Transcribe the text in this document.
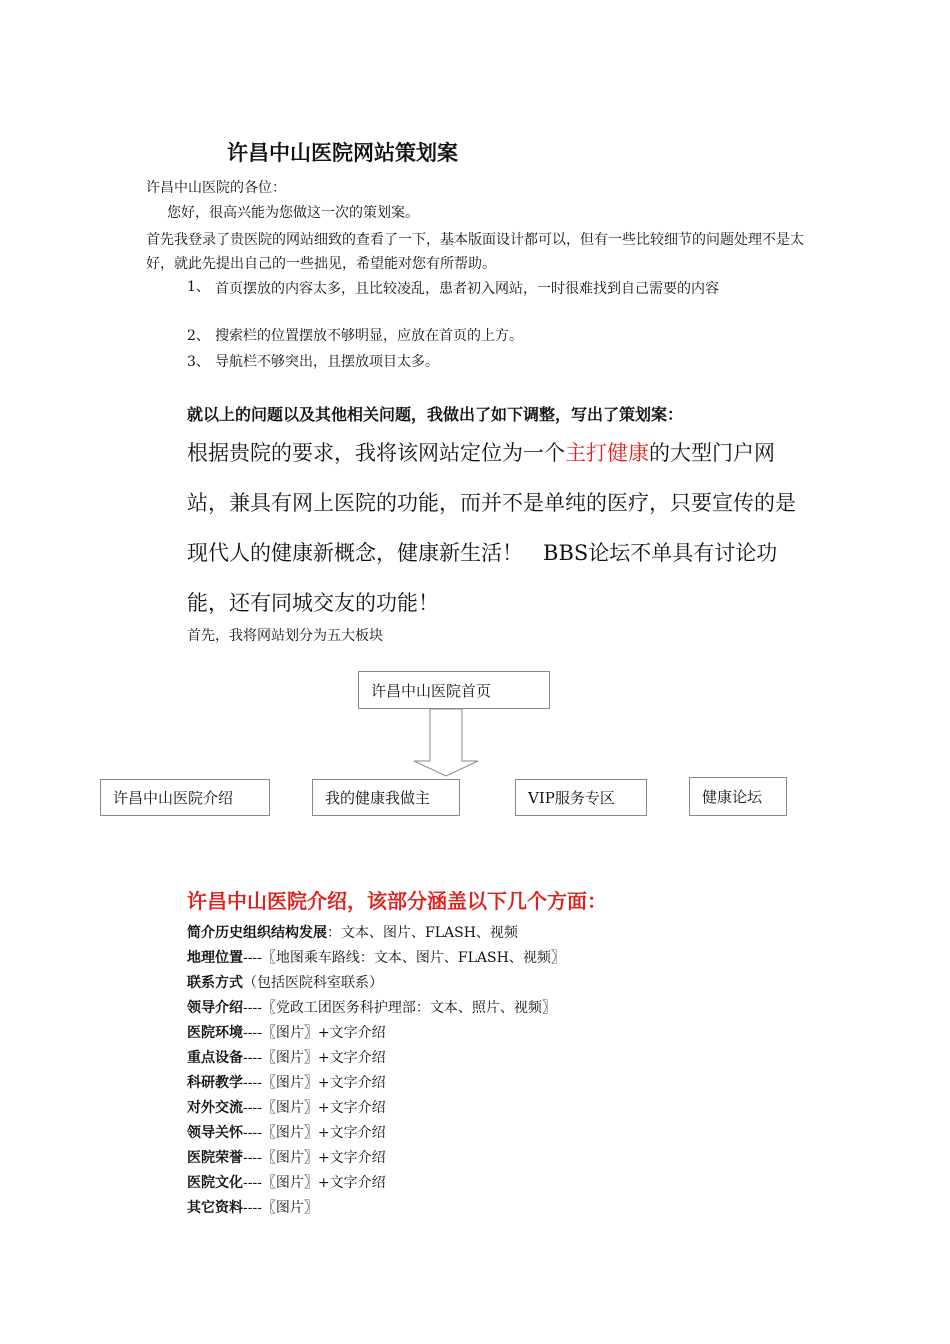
许昌中山医院网站策划案
许昌中山医院的各位：
您好，很高兴能为您做这一次的策划案。
首先我登录了贵医院的网站细致的查看了一下，基本版面设计都可以，但有一些比较细节的问题处理不是太好，就此先提出自己的一些拙见，希望能对您有所帮助。
1、 首页摆放的内容太多，且比较凌乱，患者初入网站，一时很难找到自己需要的内容
2、 搜索栏的位置摆放不够明显，应放在首页的上方。
3、 导航栏不够突出，且摆放项目太多。
就以上的问题以及其他相关问题，我做出了如下调整，写出了策划案：
根据贵院的要求，我将该网站定位为一个主打健康的大型门户网站，兼具有网上医院的功能，而并不是单纯的医疗，只要宣传的是现代人的健康新概念，健康新生活！ BBS论坛不单具有讨论功能，还有同城交友的功能！
首先，我将网站划分为五大板块
许昌中山医院首页
许昌中山医院介绍	我的健康我做主	VIP服务专区	健康论坛
许昌中山医院介绍，该部分涵盖以下几个方面：
简介历史组织结构发展：文本、图片、FLASH、视频
地理位置----〖地图乘车路线：文本、图片、FLASH、视频〗
联系方式（包括医院科室联系）
领导介绍----〖党政工团医务科护理部：文本、照片、视频〗
医院环境----〖图片〗+文字介绍
重点设备----〖图片〗+文字介绍
科研教学----〖图片〗+文字介绍
对外交流----〖图片〗+文字介绍
领导关怀----〖图片〗+文字介绍
医院荣誉----〖图片〗+文字介绍
医院文化----〖图片〗+文字介绍
其它资料----〖图片〗
